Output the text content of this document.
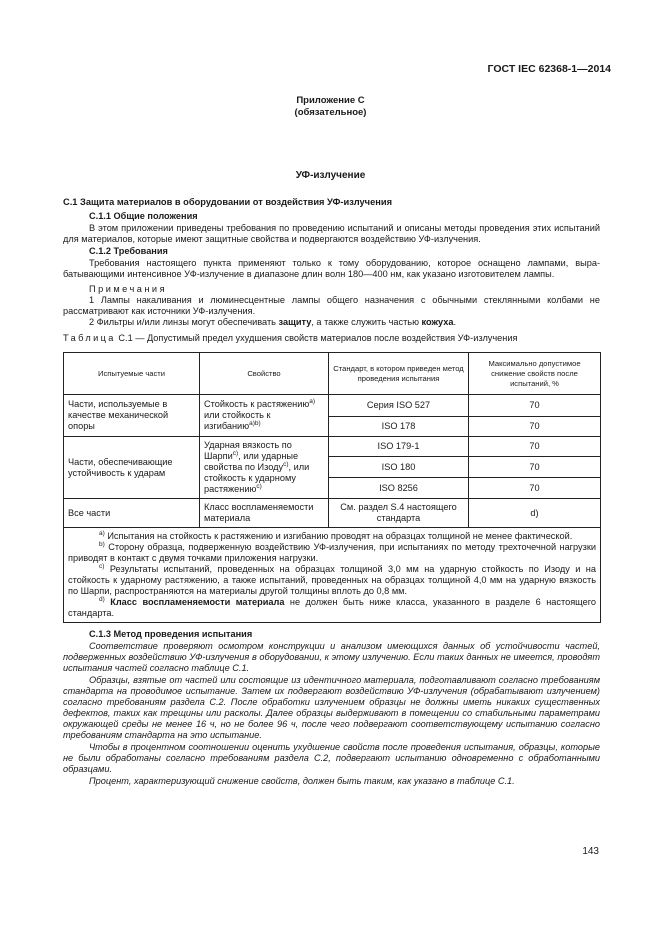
ГОСТ IEC 62368-1—2014
Приложение С
(обязательное)
УФ-излучение
С.1 Защита материалов в оборудовании от воздействия УФ-излучения
С.1.1 Общие положения
В этом приложении приведены требования по проведению испытаний и описаны методы проведения этих испытаний для материалов, которые имеют защитные свойства и подвергаются воздействию УФ-излучения.
С.1.2 Требования
Требования настоящего пункта применяют только к тому оборудованию, которое оснащено лампами, вырабатывающими интенсивное УФ-излучение в диапазоне длин волн 180—400 нм, как указано изготовителем лампы.
Примечания
1 Лампы накаливания и люминесцентные лампы общего назначения с обычными стеклянными колбами не рассматривают как источники УФ-излучения.
2 Фильтры и/или линзы могут обеспечивать защиту, а также служить частью кожуха.
Таблица С.1 — Допустимый предел ухудшения свойств материалов после воздействия УФ-излучения
Испытуемые части	Свойство	Стандарт, в котором приведен метод проведения испытания	Максимально допустимое снижение свойств после испытаний, %
Части, используемые в качестве механической опоры	Стойкость к растяжению$^{a)}$ или стойкость к изгибанию$^{a)b)}$	Серия ISO 527	70
		ISO 178	70
Части, обеспечивающие устойчивость к ударам	Ударная вязкость по Шарпи$^{c)}$, или ударные свойства по Изоду$^{c)}$, или стойкость к ударному растяжению$^{c)}$	ISO 179-1	70
		ISO 180	70
		ISO 8256	70
Все части	Класс воспламеняемости материала	См. раздел S.4 настоящего стандарта	d)

$^{a)}$ Испытания на стойкость к растяжению и изгибанию проводят на образцах толщиной не менее фактической.
$^{b)}$ Сторону образца, подверженную воздействию УФ-излучения, при испытаниях по методу трехточечной нагрузки приводят в контакт с двумя точками приложения нагрузки.
$^{c)}$ Результаты испытаний, проведенных на образцах толщиной 3,0 мм на ударную стойкость по Изоду и на стойкость к ударному растяжению, а также испытаний, проведенных на образцах толщиной 4,0 мм на ударную вязкость по Шарпи, распространяются на материалы другой толщины вплоть до 0,8 мм.
$^{d)}$ Класс воспламеняемости материала не должен быть ниже класса, указанного в разделе 6 настоящего стандарта.			
С.1.3 Метод проведения испытания
Соответствие проверяют осмотром конструкции и анализом имеющихся данных об устойчивости частей, подверженных воздействию УФ-излучения в оборудовании, к этому излучению. Если таких данных не имеется, проводят испытания частей согласно таблице С.1.
Образцы, взятые от частей или состоящие из идентичного материала, подготавливают согласно требованиям стандарта на проводимое испытание. Затем их подвергают воздействию УФ-излучения (обрабатывают излучением) согласно требованиям раздела С.2. После обработки излучением образцы не должны иметь никаких существенных дефектов, таких как трещины или расколы. Далее образцы выдерживают в помещении со стабильными параметрами окружающей среды не менее 16 ч, но не более 96 ч, после чего подвергают соответствующему испытанию согласно требованиям стандарта на это испытание.
Чтобы в процентном соотношении оценить ухудшение свойств после проведения испытания, образцы, которые не были обработаны согласно требованиям раздела С.2, подвергают испытанию одновременно с обработанными образцами.
Процент, характеризующий снижение свойств, должен быть таким, как указано в таблице С.1.
143
